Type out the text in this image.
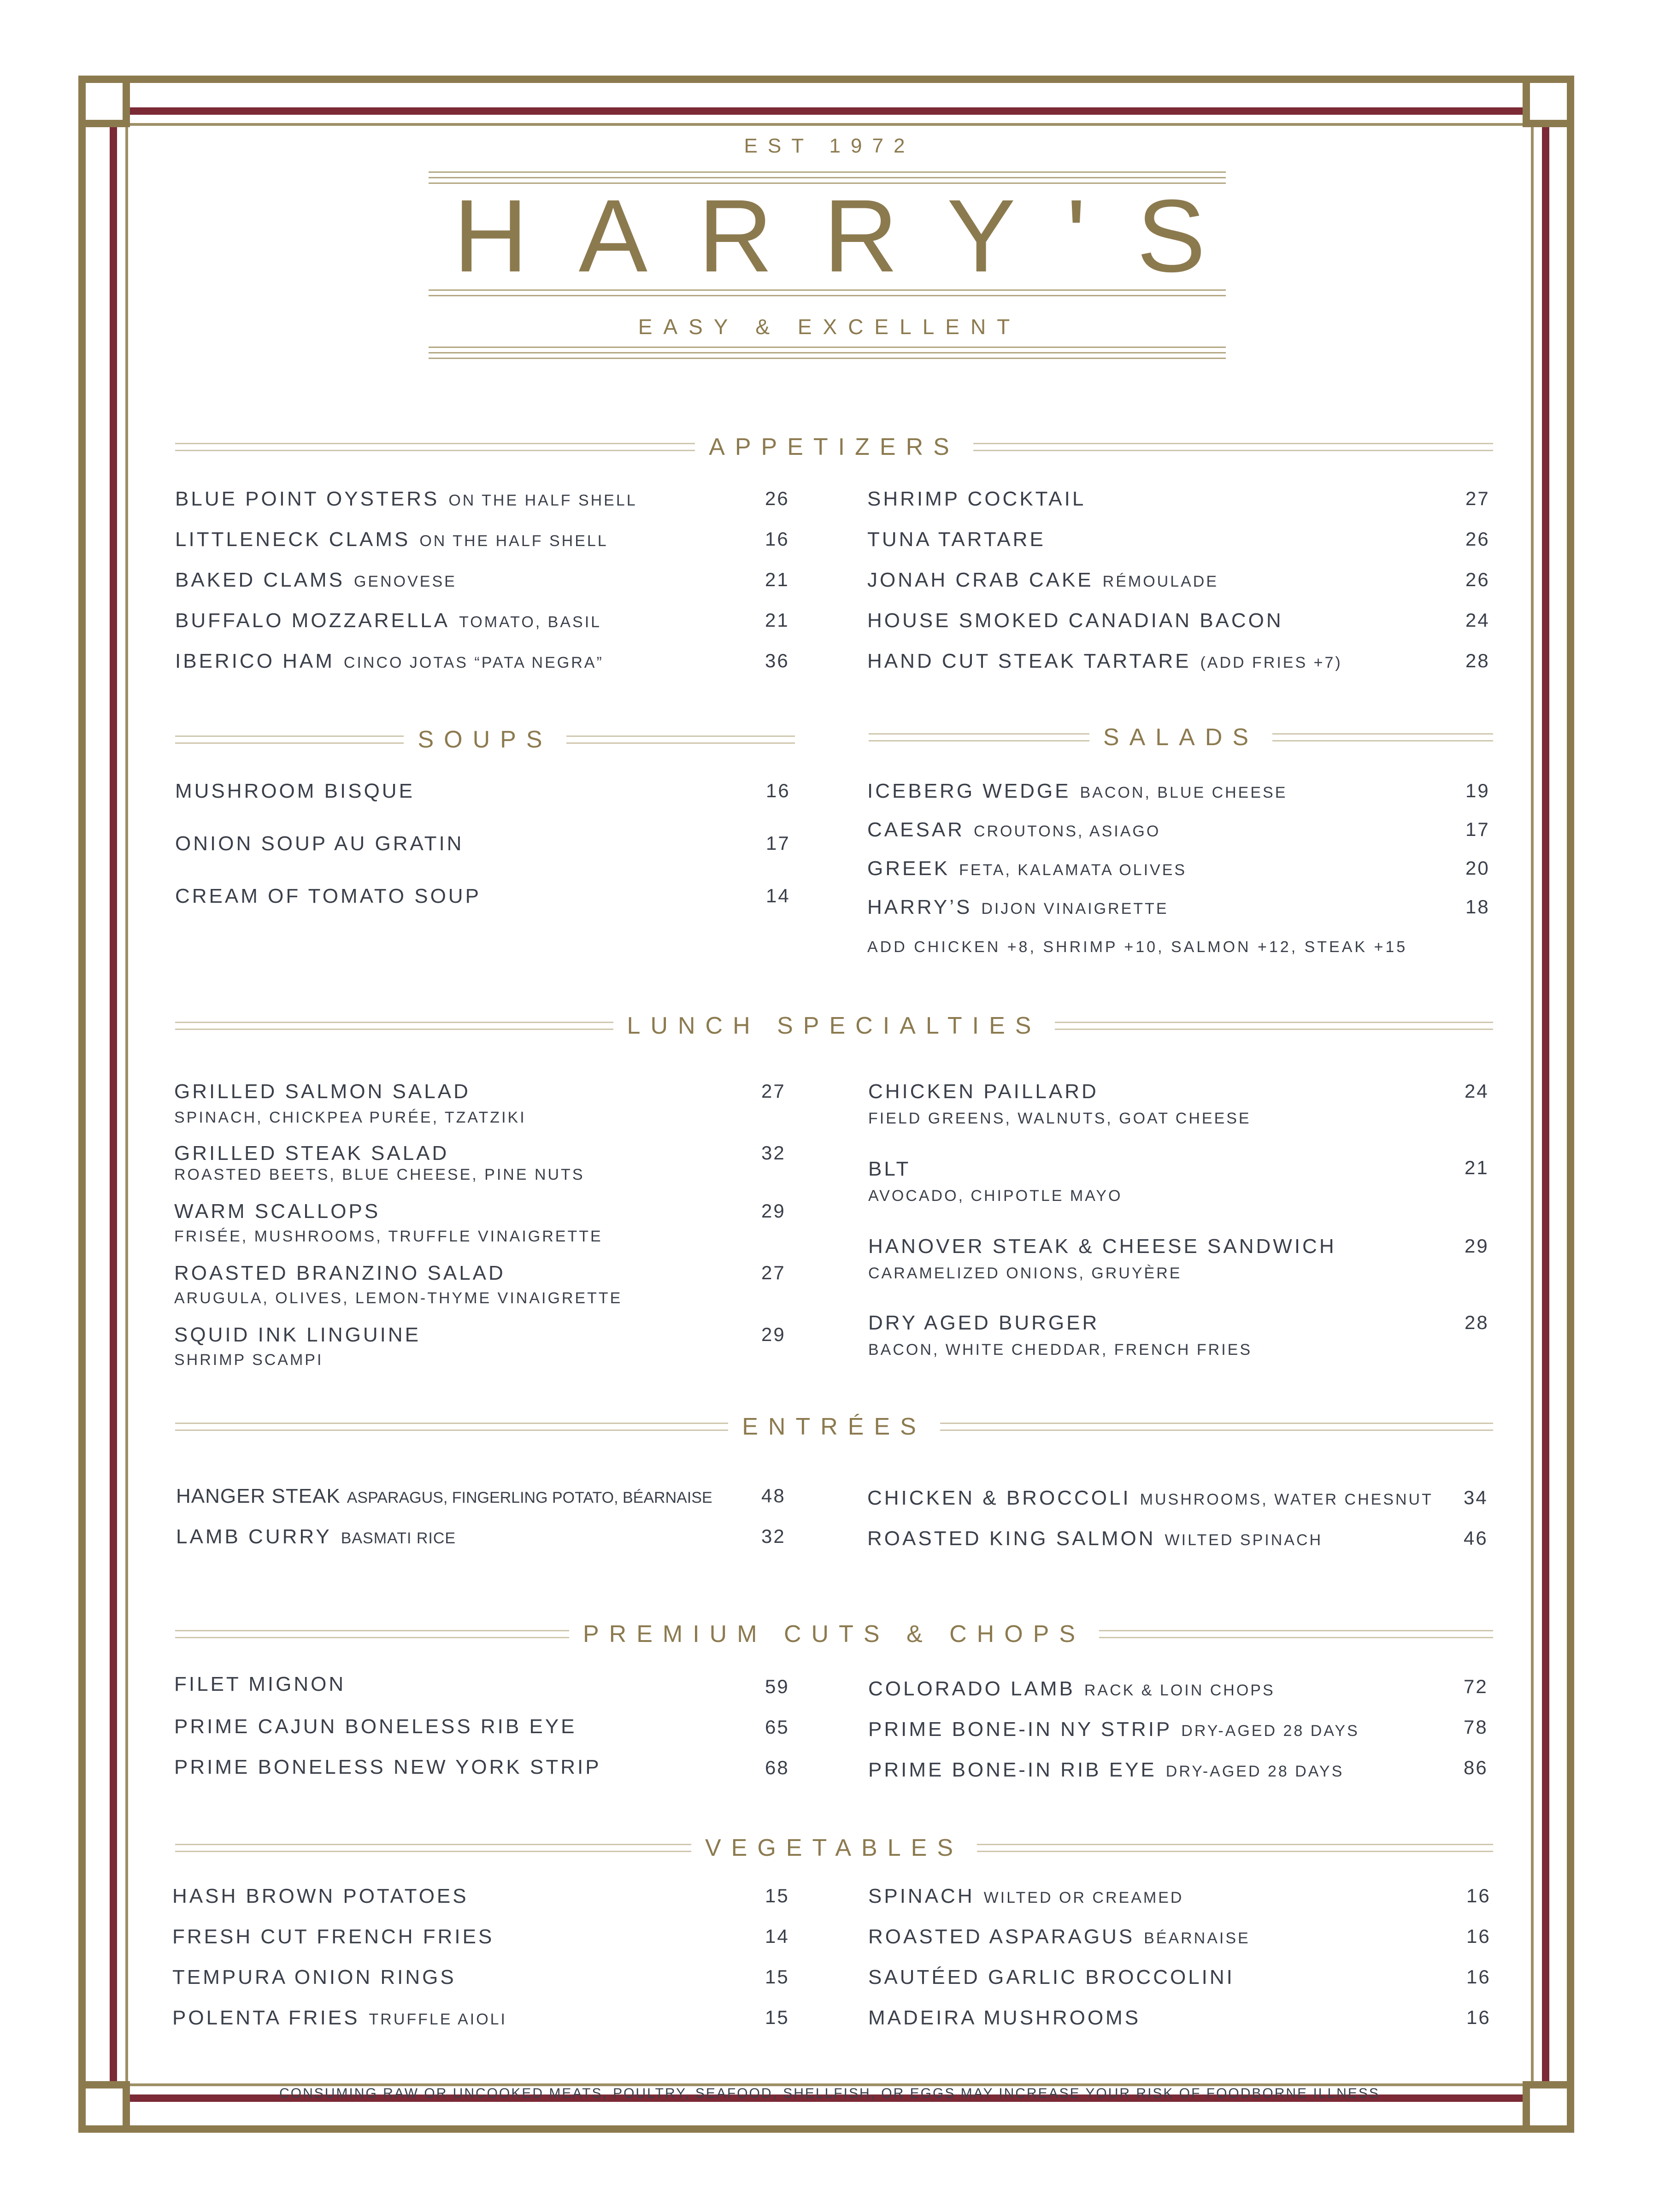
EST 1972
HARRY'S
EASY & EXCELLENT
APPETIZERS
SOUPS	SALADS
LUNCH SPECIALTIES
ENTRÉES
PREMIUM CUTS & CHOPS
VEGETABLES
BLUE POINT OYSTERS ON THE HALF SHELL	26
LITTLENECK CLAMS ON THE HALF SHELL	16
BAKED CLAMS GENOVESE	21
BUFFALO MOZZARELLA TOMATO, BASIL	21
IBERICO HAM CINCO JOTAS “PATA NEGRA”	36
SHRIMP COCKTAIL	27
TUNA TARTARE	26
JONAH CRAB CAKE RÉMOULADE	26
HOUSE SMOKED CANADIAN BACON	24
HAND CUT STEAK TARTARE (ADD FRIES +7)	28
MUSHROOM BISQUE	16
ONION SOUP AU GRATIN	17
CREAM OF TOMATO SOUP	14
ICEBERG WEDGE BACON, BLUE CHEESE	19
CAESAR CROUTONS, ASIAGO	17
GREEK FETA, KALAMATA OLIVES	20
HARRY’S DIJON VINAIGRETTE	18
ADD CHICKEN +8, SHRIMP +10, SALMON +12, STEAK +15
GRILLED SALMON SALAD	27
SPINACH, CHICKPEA PURÉE, TZATZIKI
GRILLED STEAK SALAD	32
ROASTED BEETS, BLUE CHEESE, PINE NUTS
WARM SCALLOPS	29
FRISÉE, MUSHROOMS, TRUFFLE VINAIGRETTE
ROASTED BRANZINO SALAD	27
ARUGULA, OLIVES, LEMON-THYME VINAIGRETTE
SQUID INK LINGUINE	29
SHRIMP SCAMPI
CHICKEN PAILLARD	24
FIELD GREENS, WALNUTS, GOAT CHEESE
BLT	21
AVOCADO, CHIPOTLE MAYO
HANOVER STEAK & CHEESE SANDWICH	29
CARAMELIZED ONIONS, GRUYÈRE
DRY AGED BURGER	28
BACON, WHITE CHEDDAR, FRENCH FRIES
HANGER STEAK ASPARAGUS, FINGERLING POTATO, BÉARNAISE	48
LAMB CURRY BASMATI RICE	32
CHICKEN & BROCCOLI MUSHROOMS, WATER CHESNUT 34
ROASTED KING SALMON WILTED SPINACH	46
FILET MIGNON	59
PRIME CAJUN BONELESS RIB EYE	65
PRIME BONELESS NEW YORK STRIP	68
COLORADO LAMB RACK & LOIN CHOPS	72
PRIME BONE-IN NY STRIP DRY-AGED 28 DAYS	78
PRIME BONE-IN RIB EYE DRY-AGED 28 DAYS	86
HASH BROWN POTATOES	15
FRESH CUT FRENCH FRIES	14
TEMPURA ONION RINGS	15
POLENTA FRIES TRUFFLE AIOLI	15
SPINACH WILTED OR CREAMED	16
ROASTED ASPARAGUS BÉARNAISE	16
SAUTÉED GARLIC BROCCOLINI	16
MADEIRA MUSHROOMS	16
CONSUMING RAW OR UNCOOKED MEATS, POULTRY, SEAFOOD, SHELLFISH, OR EGGS MAY INCREASE YOUR RISK OF FOODBORNE ILLNESS
